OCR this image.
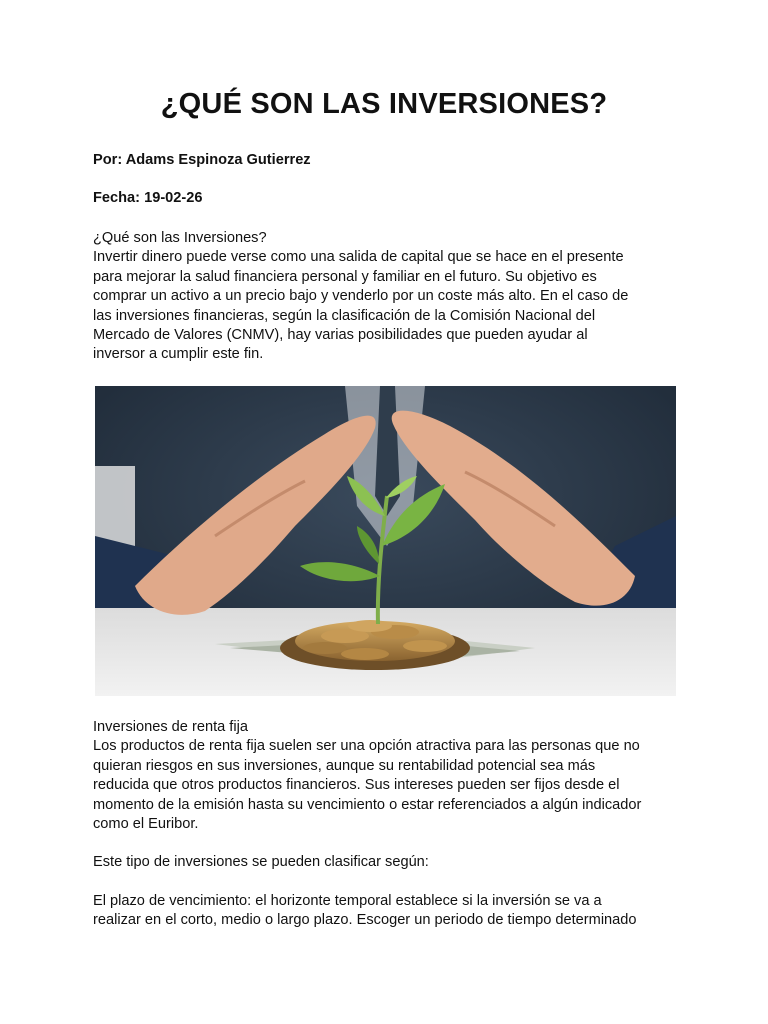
¿QUÉ SON LAS INVERSIONES?
Por: Adams Espinoza Gutierrez
Fecha: 19-02-26
¿Qué son las Inversiones?
Invertir dinero puede verse como una salida de capital que se hace en el presente
para mejorar la salud financiera personal y familiar en el futuro. Su objetivo es
comprar un activo a un precio bajo y venderlo por un coste más alto. En el caso de
las inversiones financieras, según la clasificación de la Comisión Nacional del
Mercado de Valores (CNMV), hay varias posibilidades que pueden ayudar al
inversor a cumplir este fin.
Inversiones de renta fija
Los productos de renta fija suelen ser una opción atractiva para las personas que no
quieran riesgos en sus inversiones, aunque su rentabilidad potencial sea más
reducida que otros productos financieros. Sus intereses pueden ser fijos desde el
momento de la emisión hasta su vencimiento o estar referenciados a algún indicador
como el Euribor.
Este tipo de inversiones se pueden clasificar según:
El plazo de vencimiento: el horizonte temporal establece si la inversión se va a
realizar en el corto, medio o largo plazo. Escoger un periodo de tiempo determinado
